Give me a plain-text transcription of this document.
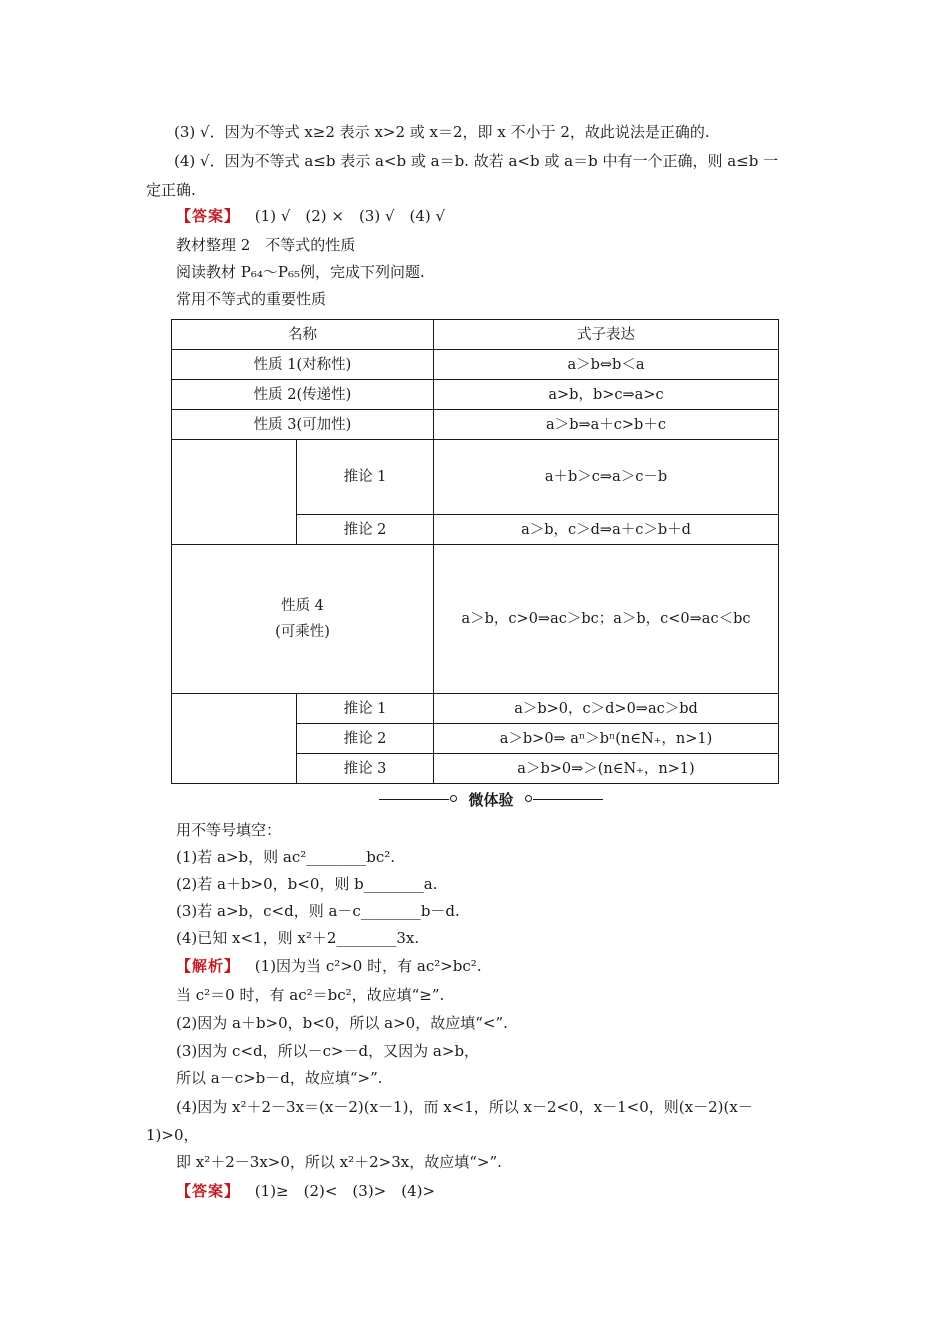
(3) √．因为不等式 x≥2 表示 x>2 或 x＝2，即 x 不小于 2，故此说法是正确的.
(4) √．因为不等式 a≤b 表示 a<b 或 a＝b. 故若 a<b 或 a＝b 中有一个正确，则 a≤b 一
定正确.
【答案】 (1) √　(2) ×　(3) √　(4) √
教材整理 2　不等式的性质
阅读教材 P₆₄～P₆₅例，完成下列问题.
常用不等式的重要性质
名称		式子表达
性质 1(对称性)		a＞b⇔b＜a
性质 2(传递性)		a>b，b>c⇒a>c
性质 3(可加性)		a＞b⇒a＋c>b＋c
	推论 1	a＋b＞c⇒a＞c－b
	推论 2	a＞b，c＞d⇒a＋c＞b＋d

性质 4
(可乘性)		a＞b，c>0⇒ac＞bc；a＞b，c<0⇒ac＜bc
	推论 1	a＞b>0，c＞d>0⇒ac＞bd
	推论 2	a＞b>0⇒ aⁿ＞bⁿ(n∈N₊，n>1)
	推论 3	a＞b>0⇒＞(n∈N₊，n>1)
微体验
用不等号填空：
(1)若 a>b，则 ac²________bc².
(2)若 a＋b>0，b<0，则 b________a.
(3)若 a>b，c<d，则 a－c________b－d.
(4)已知 x<1，则 x²＋2________3x.
【解析】 (1)因为当 c²>0 时，有 ac²>bc².
当 c²＝0 时，有 ac²＝bc²，故应填“≥”.
(2)因为 a＋b>0，b<0，所以 a>0，故应填“<”.
(3)因为 c<d，所以－c>－d，又因为 a>b，
所以 a－c>b－d，故应填“>”.
(4)因为 x²＋2－3x＝(x－2)(x－1)，而 x<1，所以 x－2<0，x－1<0，则(x－2)(x－
1)>0，
即 x²＋2－3x>0，所以 x²＋2>3x，故应填“>”.
【答案】 (1)≥　(2)<　(3)>　(4)>
